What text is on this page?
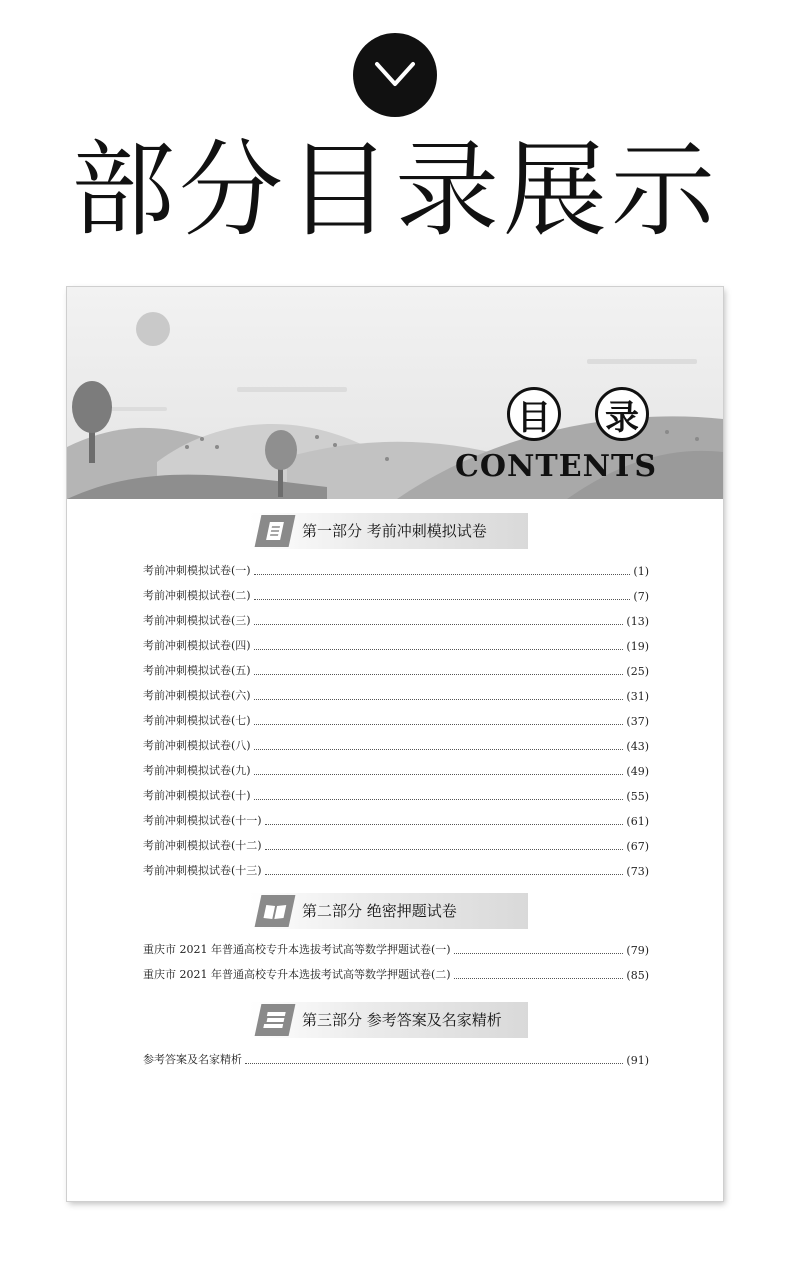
部分目录展示
目 录
CONTENTS
第一部分 考前冲刺模拟试卷
考前冲刺模拟试卷(一)	(1)
考前冲刺模拟试卷(二)	(7)
考前冲刺模拟试卷(三)	(13)
考前冲刺模拟试卷(四)	(19)
考前冲刺模拟试卷(五)	(25)
考前冲刺模拟试卷(六)	(31)
考前冲刺模拟试卷(七)	(37)
考前冲刺模拟试卷(八)	(43)
考前冲刺模拟试卷(九)	(49)
考前冲刺模拟试卷(十)	(55)
考前冲刺模拟试卷(十一)	(61)
考前冲刺模拟试卷(十二)	(67)
考前冲刺模拟试卷(十三)	(73)
第二部分 绝密押题试卷
重庆市 2021 年普通高校专升本选拔考试高等数学押题试卷(一)	(79)
重庆市 2021 年普通高校专升本选拔考试高等数学押题试卷(二)	(85)
第三部分 参考答案及名家精析
参考答案及名家精析	(91)
